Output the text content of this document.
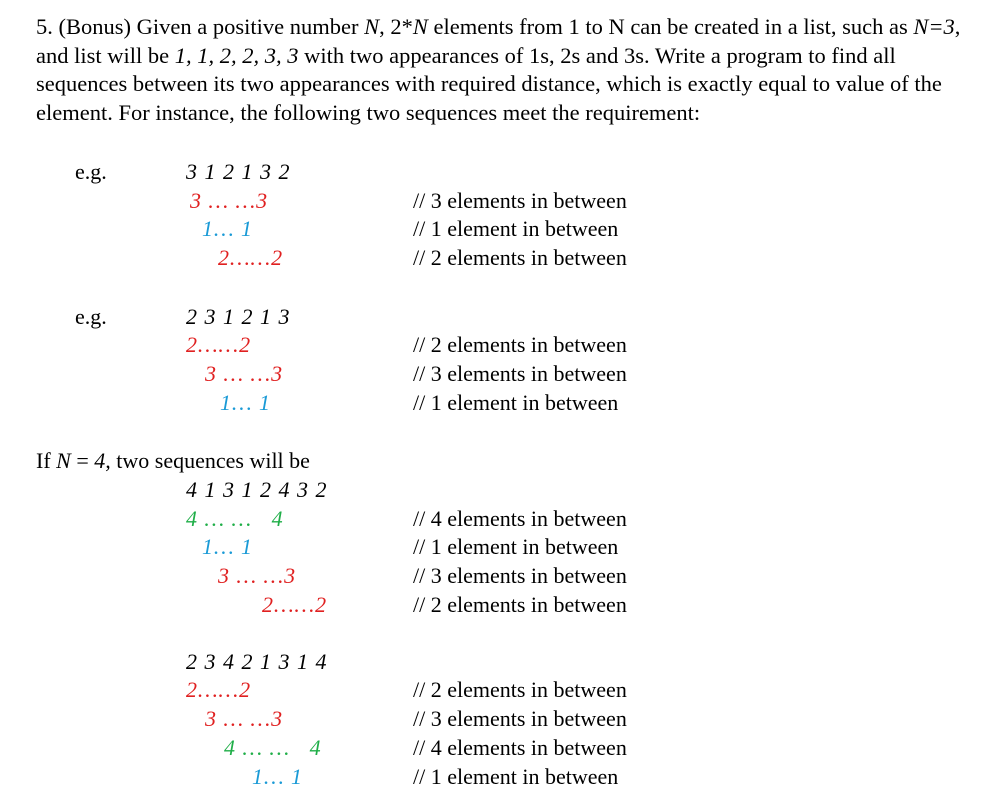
5. (Bonus) Given a positive number N, 2*N elements from 1 to N can be created in a list, such as N=3, and list will be 1, 1, 2, 2, 3, 3 with two appearances of 1s, 2s and 3s. Write a program to find all sequences between its two appearances with required distance, which is exactly equal to value of the element. For instance, the following two sequences meet the requirement:
e.g.	3 1 2 1 3 2
3 … …3	// 3 elements in between
1… 1	// 1 element in between
2……2	// 2 elements in between
e.g.	2 3 1 2 1 3
2……2	// 2 elements in between
3 … …3	// 3 elements in between
1… 1	// 1 element in between
If N = 4, two sequences will be
4 1 3 1 2 4 3 2
4 … …   4	// 4 elements in between
1… 1	// 1 element in between
3 … …3	// 3 elements in between
2……2	// 2 elements in between
2 3 4 2 1 3 1 4
2……2	// 2 elements in between
3 … …3	// 3 elements in between
4 … …   4	// 4 elements in between
1… 1	// 1 element in between
